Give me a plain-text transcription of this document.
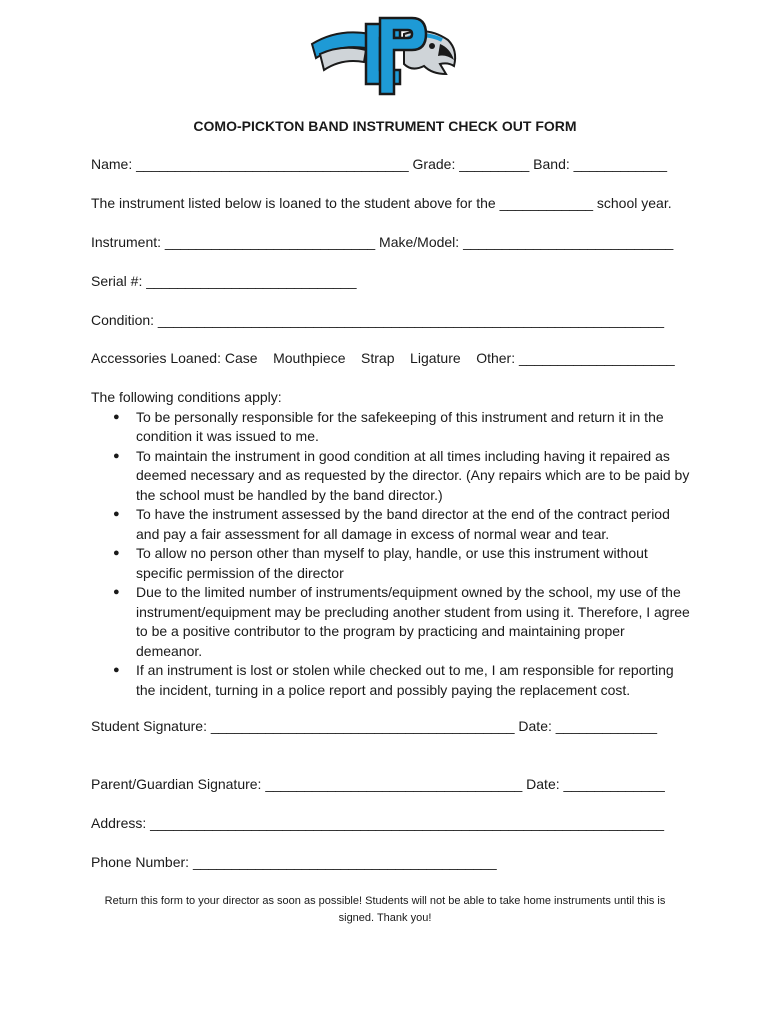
COMO-PICKTON BAND INSTRUMENT CHECK OUT FORM
Name: ___________________________________ Grade: _________ Band: ____________
The instrument listed below is loaned to the student above for the ____________ school year.
Instrument: ___________________________ Make/Model: ___________________________
Serial #: ___________________________
Condition: _________________________________________________________________
Accessories Loaned: Case    Mouthpiece    Strap    Ligature    Other: ____________________
The following conditions apply:
● To be personally responsible for the safekeeping of this instrument and return it in the condition it was issued to me.
● To maintain the instrument in good condition at all times including having it repaired as deemed necessary and as requested by the director. (Any repairs which are to be paid by the school must be handled by the band director.)
● To have the instrument assessed by the band director at the end of the contract period and pay a fair assessment for all damage in excess of normal wear and tear.
● To allow no person other than myself to play, handle, or use this instrument without specific permission of the director
● Due to the limited number of instruments/equipment owned by the school, my use of the instrument/equipment may be precluding another student from using it. Therefore, I agree to be a positive contributor to the program by practicing and maintaining proper demeanor.
● If an instrument is lost or stolen while checked out to me, I am responsible for reporting the incident, turning in a police report and possibly paying the replacement cost.
Student Signature: _______________________________________ Date: _____________
Parent/Guardian Signature: _________________________________ Date: _____________
Address: __________________________________________________________________
Phone Number: _______________________________________
Return this form to your director as soon as possible! Students will not be able to take home instruments until this is
signed. Thank you!
